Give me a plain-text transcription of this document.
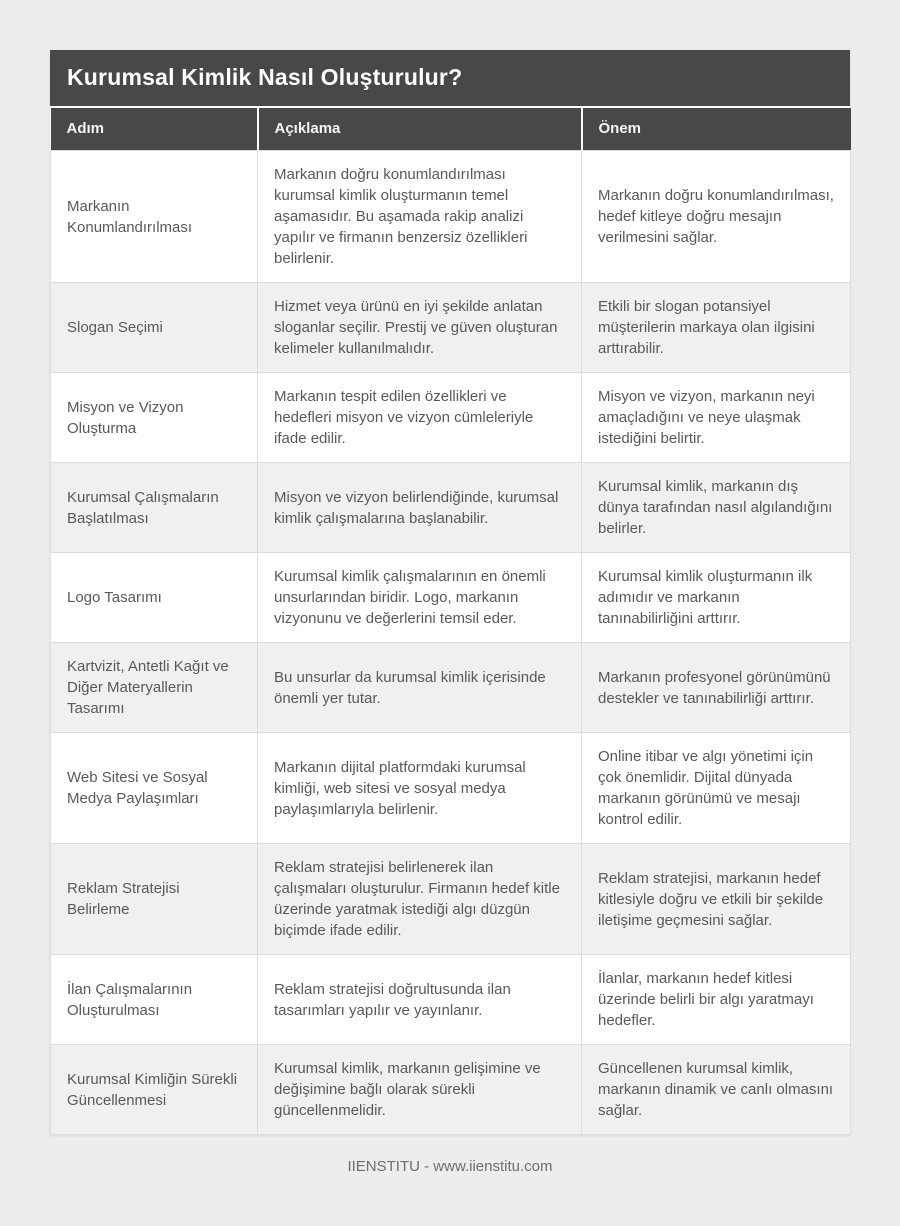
Kurumsal Kimlik Nasıl Oluşturulur?
Adım	Açıklama	Önem
Markanın Konumlandırılması	Markanın doğru konumlandırılması kurumsal kimlik oluşturmanın temel aşamasıdır. Bu aşamada rakip analizi yapılır ve firmanın benzersiz özellikleri belirlenir.	Markanın doğru konumlandırılması, hedef kitleye doğru mesajın verilmesini sağlar.
Slogan Seçimi	Hizmet veya ürünü en iyi şekilde anlatan sloganlar seçilir. Prestij ve güven oluşturan kelimeler kullanılmalıdır.	Etkili bir slogan potansiyel müşterilerin markaya olan ilgisini arttırabilir.
Misyon ve Vizyon Oluşturma	Markanın tespit edilen özellikleri ve hedefleri misyon ve vizyon cümleleriyle ifade edilir.	Misyon ve vizyon, markanın neyi amaçladığını ve neye ulaşmak istediğini belirtir.
Kurumsal Çalışmaların Başlatılması	Misyon ve vizyon belirlendiğinde, kurumsal kimlik çalışmalarına başlanabilir.	Kurumsal kimlik, markanın dış dünya tarafından nasıl algılandığını belirler.
Logo Tasarımı	Kurumsal kimlik çalışmalarının en önemli unsurlarından biridir. Logo, markanın vizyonunu ve değerlerini temsil eder.	Kurumsal kimlik oluşturmanın ilk adımıdır ve markanın tanınabilirliğini arttırır.
Kartvizit, Antetli Kağıt ve Diğer Materyallerin Tasarımı	Bu unsurlar da kurumsal kimlik içerisinde önemli yer tutar.	Markanın profesyonel görünümünü destekler ve tanınabilirliği arttırır.
Web Sitesi ve Sosyal Medya Paylaşımları	Markanın dijital platformdaki kurumsal kimliği, web sitesi ve sosyal medya paylaşımlarıyla belirlenir.	Online itibar ve algı yönetimi için çok önemlidir. Dijital dünyada markanın görünümü ve mesajı kontrol edilir.
Reklam Stratejisi Belirleme	Reklam stratejisi belirlenerek ilan çalışmaları oluşturulur. Firmanın hedef kitle üzerinde yaratmak istediği algı düzgün biçimde ifade edilir.	Reklam stratejisi, markanın hedef kitlesiyle doğru ve etkili bir şekilde iletişime geçmesini sağlar.
İlan Çalışmalarının Oluşturulması	Reklam stratejisi doğrultusunda ilan tasarımları yapılır ve yayınlanır.	İlanlar, markanın hedef kitlesi üzerinde belirli bir algı yaratmayı hedefler.
Kurumsal Kimliğin Sürekli Güncellenmesi	Kurumsal kimlik, markanın gelişimine ve değişimine bağlı olarak sürekli güncellenmelidir.	Güncellenen kurumsal kimlik, markanın dinamik ve canlı olmasını sağlar.
IIENSTITU - www.iienstitu.com
